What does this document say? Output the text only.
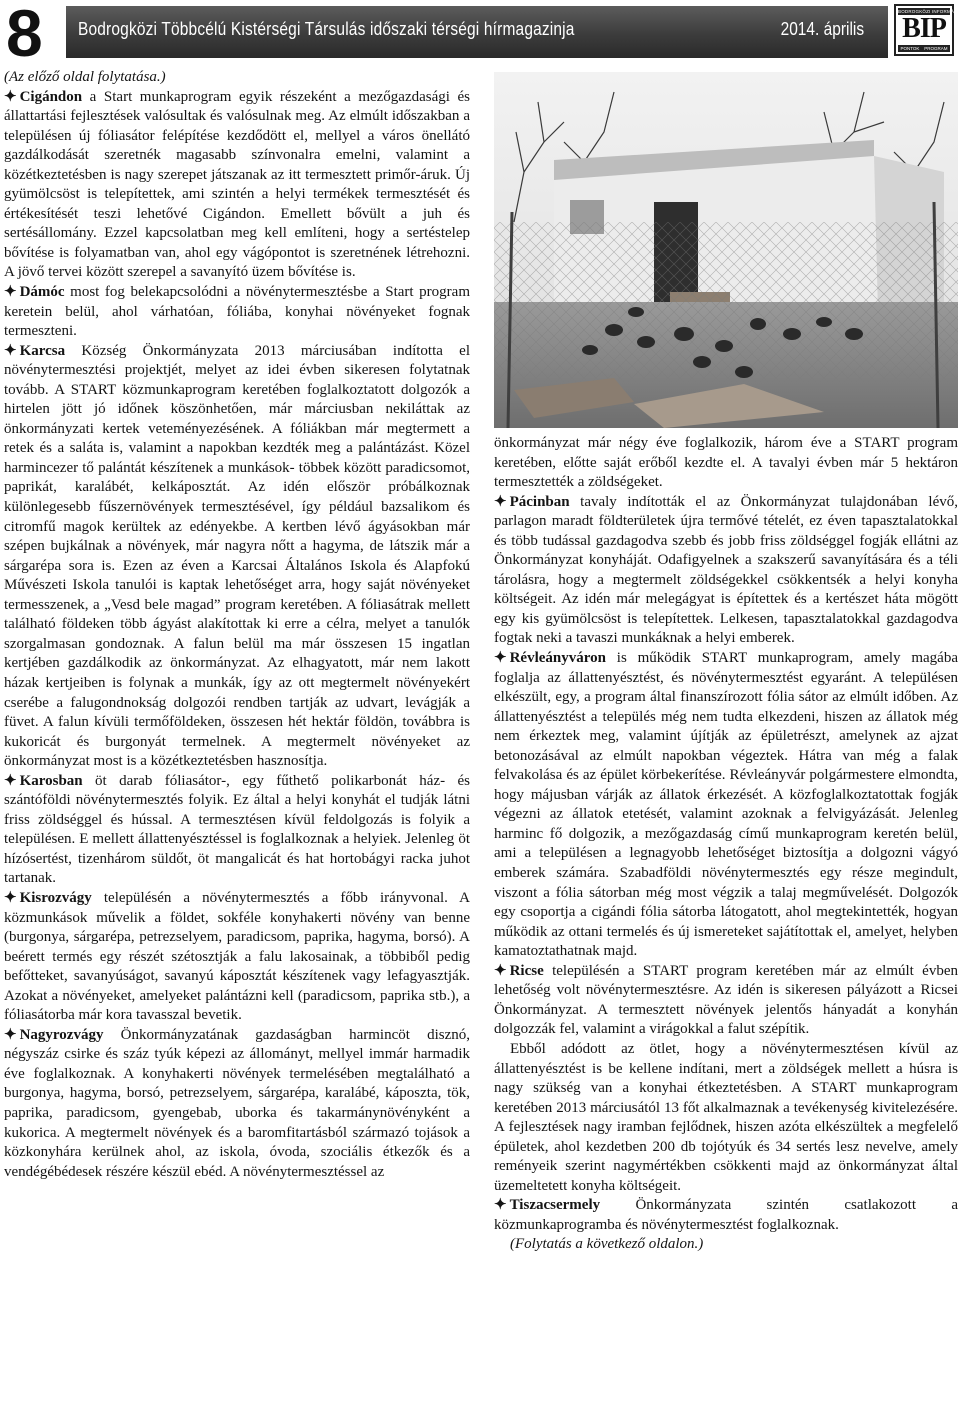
8 Bodrogközi Többcélú Kistérségi Társulás időszaki térségi hírmagazinja	2014. április
BODROGKÖZI INFORMÁCIÓS
BIP
PONTOK PROGRAM

(Az előző oldal folytatása.)

✦ Cigándon a Start munkaprogram egyik részeként a mezőgazdasági és állattartási fejlesztések valósultak és valósulnak meg. Az elmúlt időszakban a településen új fóliasátor felépítése kezdődött el, mellyel a város önellátó gazdálkodását szeretnék magasabb színvonalra emelni, valamint a közétkeztetésben is nagy szerepet játszanak az itt termesztett primőr-áruk. Új gyümölcsöst is telepítettek, ami szintén a helyi termékek termesztését és értékesítését teszi lehetővé Cigándon. Emellett bővült a juh és sertésállomány. Ezzel kapcsolatban meg kell említeni, hogy a sertéstelep bővítése is folyamatban van, ahol egy vágópontot is szeretnének létrehozni. A jövő tervei között szerepel a savanyító üzem bővítése is.

✦ Dámóc most fog belekapcsolódni a növénytermesztésbe a Start program keretein belül, ahol várhatóan, fóliába, konyhai növényeket fognak termeszteni.

✦ Karcsa Község Önkormányzata 2013 márciusában indította el növénytermesztési projektjét, melyet az idei évben sikeresen folytatnak tovább. A START közmunkaprogram keretében foglalkoztatott dolgozók a hirtelen jött jó időnek köszönhetően, már márciusban nekiláttak az önkormányzati kertek veteményezésének. A fóliákban már megtermett a retek és a saláta is, valamint a napokban kezdték meg a palántázást. Közel harmincezer tő palántát készítenek a munkások- többek között paradicsomot, paprikát, karalábét, kelkáposztát. Az idén először próbálkoznak különlegesebb fűszernövények termesztésével, így például bazsalikom és citromfű magok kerültek az edényekbe. A kertben lévő ágyásokban már szépen bujkálnak a növények, már nagyra nőtt a hagyma, de látszik már a sárgarépa sora is. Ezen az éven a Karcsai Általános Iskola és Alapfokú Művészeti Iskola tanulói is kaptak lehetőséget arra, hogy saját növényeket termesszenek, a „Vesd bele magad” program keretében. A fóliasátrak mellett található földeken több ágyást alakítottak ki erre a célra, melyet a tanulók szorgalmasan gondoznak. A falun belül ma már összesen 15 ingatlan kertjében gazdálkodik az önkormányzat. Az elhagyatott, már nem lakott házak kertjeiben is folynak a munkák, így az ott megtermelt növényekért cserébe a falugondnokság dolgozói rendben tartják az udvart, levágják a füvet. A falun kívüli termőföldeken, összesen hét hektár földön, továbbra is kukoricát és burgonyát termelnek. A megtermelt növényeket az önkormányzat most is a közétkeztetésben hasznosítja.

✦ Karosban öt darab fóliasátor-, egy fűthető polikarbonát ház- és szántóföldi növénytermesztés folyik. Ez által a helyi konyhát el tudják látni friss zöldséggel és hússal. A termesztésen kívül feldolgozás is folyik a településen. E mellett állattenyésztéssel is foglalkoznak a helyiek. Jelenleg öt hízósertést, tizenhárom süldőt, öt mangalicát és hat hortobágyi racka juhot tartanak.

✦ Kisrozvágy településén a növénytermesztés a főbb irányvonal. A közmunkások művelik a földet, sokféle konyhakerti növény van benne (burgonya, sárgarépa, petrezselyem, paradicsom, paprika, hagyma, borsó). A beérett termés egy részét szétosztják a falu lakosainak, a többiből pedig befőtteket, savanyúságot, savanyú káposztát készítenek vagy lefagyasztják. Azokat a növényeket, amelyeket palántázni kell (paradicsom, paprika stb.), a fóliasátorba már kora tavasszal bevetik.

✦ Nagyrozvágy Önkormányzatának gazdaságban harmincöt disznó, négyszáz csirke és száz tyúk képezi az állományt, mellyel immár harmadik éve foglalkoznak. A konyhakerti növények termelésében megtalálható a burgonya, hagyma, borsó, petrezselyem, sárgarépa, karalábé, káposzta, tök, paprika, paradicsom, gyengebab, uborka és takarmánynövényként a kukorica. A megtermelt növények és a baromfitartásból származó tojások a közkonyhára kerülnek ahol, az iskola, óvoda, szociális étkezők és a vendégébédesek részére készül ebéd. A növénytermesztéssel az

önkormányzat már négy éve foglalkozik, három éve a START program keretében, előtte saját erőből kezdte el. A tavalyi évben már 5 hektáron termesztették a zöldségeket.

✦ Pácinban tavaly indították el az Önkormányzat tulajdonában lévő, parlagon maradt földterületek újra termővé tételét, ez éven tapasztalatokkal és több tudással gazdagodva szebb és jobb friss zöldséggel fogják ellátni az Önkormányzat konyháját. Odafigyelnek a szakszerű savanyítására és a téli tárolásra, hogy a megtermelt zöldségekkel csökkentsék a helyi konyha költségeit. Az idén már melegágyat is építettek és a kertészet háta mögött egy kis gyümölcsöst is telepítettek. Lelkesen, tapasztalatokkal gazdagodva fogtak neki a tavaszi munkáknak a helyi emberek.

✦ Révleányváron is működik START munkaprogram, amely magába foglalja az állattenyésztést, és növénytermesztést egyaránt. A településen elkészült, egy, a program által finanszírozott fólia sátor az elmúlt időben. Az állattenyésztést a település még nem tudta elkezdeni, hiszen az állatok még nem érkeztek meg, valamint újítják az épületrészt, amelynek az ajzat betonozásával az elmúlt napokban végeztek. Hátra van még a falak felvakolása és az épület körbekerítése. Révleányvár polgármestere elmondta, hogy májusban várják az állatok érkezését. A közfoglalkoztatottak fogják végezni az állatok etetését, valamint azoknak a felvigyázását. Jelenleg harminc fő dolgozik, a mezőgazdaság című munkaprogram keretén belül, ami a településen a legnagyobb lehetőséget biztosítja a dolgozni vágyó emberek számára. Szabadföldi növénytermesztés egy része megindult, viszont a fólia sátorban még most végzik a talaj megművelését. Dolgozók egy csoportja a cigándi fólia sátorba látogatott, ahol megtekintették, hogyan működik az ottani termelés és új ismereteket sajátítottak el, amelyet, helyben kamatoztathatnak majd.

✦ Ricse településén a START program keretében már az elmúlt évben lehetőség volt növénytermesztésre. Az idén is sikeresen pályázott a Ricsei Önkormányzat. A termesztett növények jelentős hányadát a konyhán dolgozzák fel, valamint a virágokkal a falut szépítik.

Ebből adódott az ötlet, hogy a növénytermesztésen kívül az állattenyésztést is be kellene indítani, mert a zöldségek mellett a húsra is nagy szükség van a konyhai étkeztetésben. A START munkaprogram keretében 2013 márciusától 13 főt alkalmaznak a tevékenység kivitelezésére. A fejlesztések nagy iramban fejlődnek, hiszen azóta elkészültek a megfelelő épületek, ahol kezdetben 200 db tojótyúk és 34 sertés lesz nevelve, amely reményeik szerint nagymértékben csökkenti majd az önkormányzat által üzemeltetett konyha költségeit.

✦ Tiszacsermely Önkormányzata szintén csatlakozott a közmunkaprogramba és növénytermesztést foglalkoznak.

(Folytatás a következő oldalon.)
